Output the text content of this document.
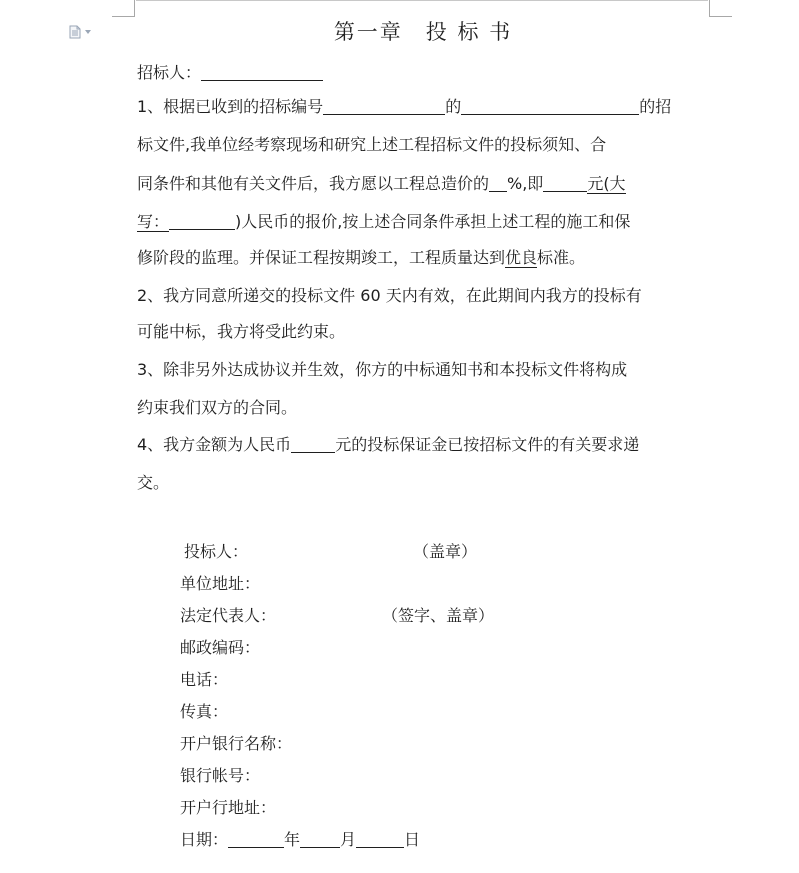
第一章　投 标 书
招标人：
1、根据已收到的招标编号	的	的招
标文件,我单位经考察现场和研究上述工程招标文件的投标须知、合
同条件和其他有关文件后，我方愿以工程总造价的 %,即	元(大
写：	)人民币的报价,按上述合同条件承担上述工程的施工和保
修阶段的监理。并保证工程按期竣工，工程质量达到优良标准。
2、我方同意所递交的投标文件 60 天内有效，在此期间内我方的投标有
可能中标，我方将受此约束。
3、除非另外达成协议并生效，你方的中标通知书和本投标文件将构成
约束我们双方的合同。
4、我方金额为人民币	元的投标保证金已按招标文件的有关要求递
交。
投标人：	（盖章）
单位地址：
法定代表人：	（签字、盖章）
邮政编码：
电话：
传真：
开户银行名称：
银行帐号：
开户行地址：
日期：	年	月	日
